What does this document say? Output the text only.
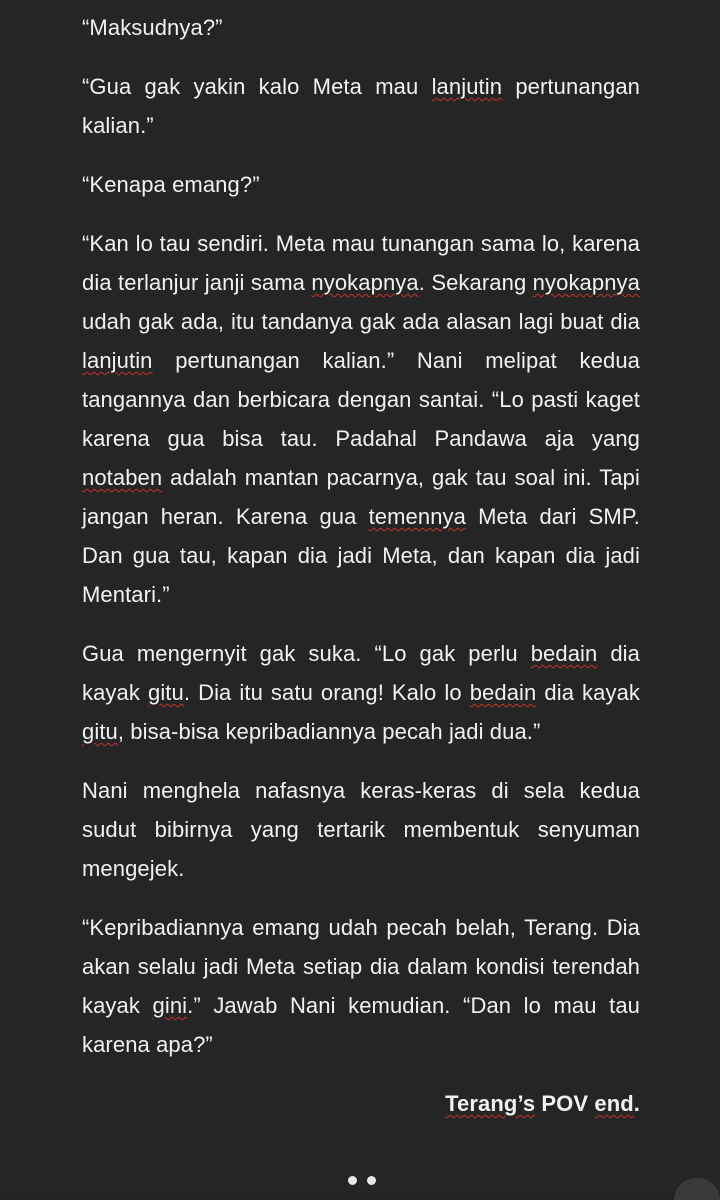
“Maksudnya?”

“Gua gak yakin kalo Meta mau lanjutin pertunangan kalian.”

“Kenapa emang?”

“Kan lo tau sendiri. Meta mau tunangan sama lo, karena dia terlanjur janji sama nyokapnya. Sekarang nyokapnya udah gak ada, itu tandanya gak ada alasan lagi buat dia lanjutin pertunangan kalian.” Nani melipat kedua tangannya dan berbicara dengan santai. “Lo pasti kaget karena gua bisa tau. Padahal Pandawa aja yang notaben adalah mantan pacarnya, gak tau soal ini. Tapi jangan heran. Karena gua temennya Meta dari SMP. Dan gua tau, kapan dia jadi Meta, dan kapan dia jadi Mentari.”

Gua mengernyit gak suka. “Lo gak perlu bedain dia kayak gitu. Dia itu satu orang! Kalo lo bedain dia kayak gitu, bisa-bisa kepribadiannya pecah jadi dua.”

Nani menghela nafasnya keras-keras di sela kedua sudut bibirnya yang tertarik membentuk senyuman mengejek.

“Kepribadiannya emang udah pecah belah, Terang. Dia akan selalu jadi Meta setiap dia dalam kondisi terendah kayak gini.” Jawab Nani kemudian. “Dan lo mau tau karena apa?”

Terang’s POV end.
